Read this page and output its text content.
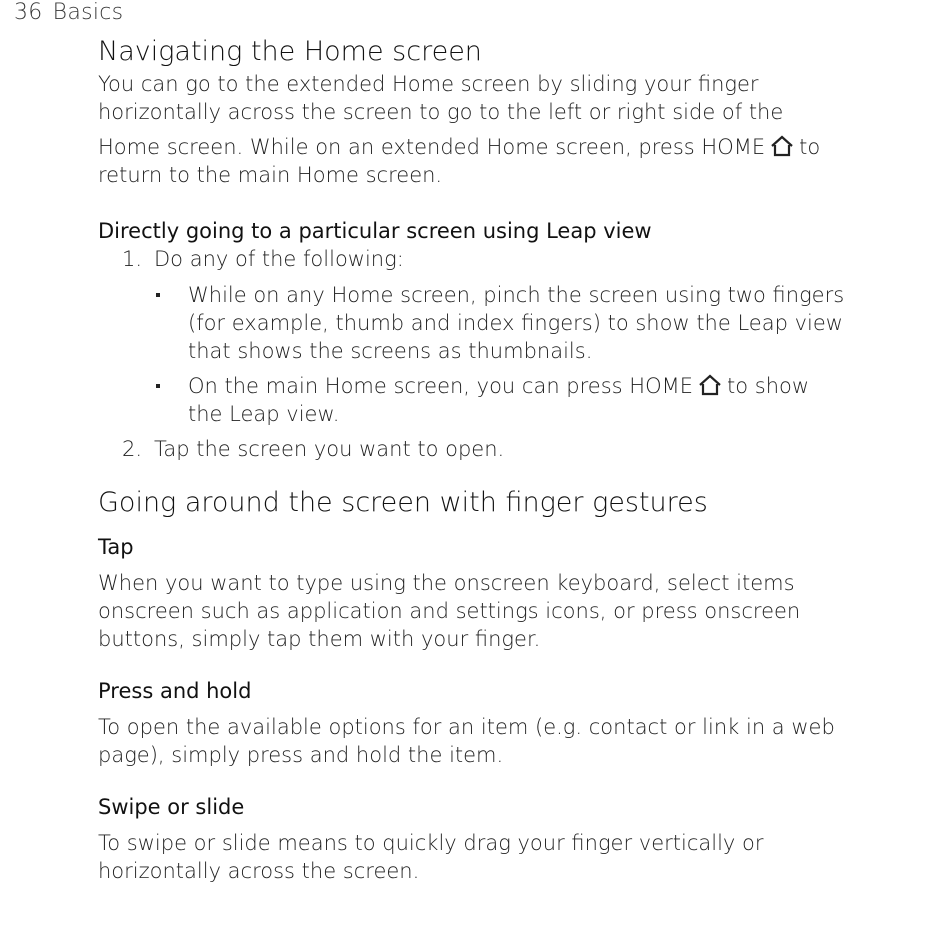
36 Basics
Navigating the Home screen
You can go to the extended Home screen by sliding your finger
horizontally across the screen to go to the left or right side of the
Home screen. While on an extended Home screen, press HOME to
return to the main Home screen.
Directly going to a particular screen using Leap view
1. Do any of the following:
While on any Home screen, pinch the screen using two fingers
(for example, thumb and index fingers) to show the Leap view
that shows the screens as thumbnails.
On the main Home screen, you can press HOME to show
the Leap view.
2. Tap the screen you want to open.
Going around the screen with finger gestures
Tap
When you want to type using the onscreen keyboard, select items
onscreen such as application and settings icons, or press onscreen
buttons, simply tap them with your finger.
Press and hold
To open the available options for an item (e.g. contact or link in a web
page), simply press and hold the item.
Swipe or slide
To swipe or slide means to quickly drag your finger vertically or
horizontally across the screen.
